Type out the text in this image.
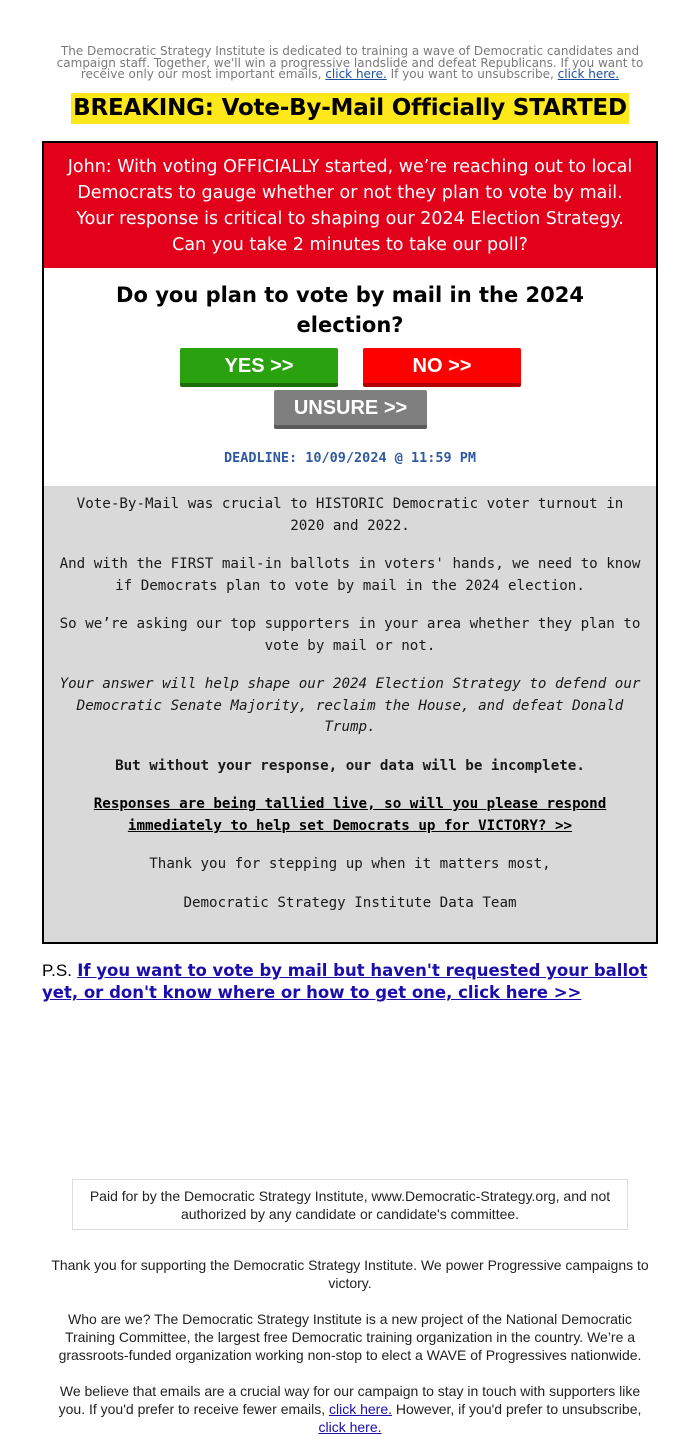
The Democratic Strategy Institute is dedicated to training a wave of Democratic candidates and campaign staff. Together, we'll win a progressive landslide and defeat Republicans. If you want to receive only our most important emails, click here. If you want to unsubscribe, click here.
BREAKING: Vote-By-Mail Officially STARTED
John: With voting OFFICIALLY started, we’re reaching out to local Democrats to gauge whether or not they plan to vote by mail. Your response is critical to shaping our 2024 Election Strategy. Can you take 2 minutes to take our poll?
Do you plan to vote by mail in the 2024 election?
YES >>	NO >>
UNSURE >>
DEADLINE: 10/09/2024 @ 11:59 PM

Vote-By-Mail was crucial to HISTORIC Democratic voter turnout in 2020 and 2022.

And with the FIRST mail-in ballots in voters' hands, we need to know if Democrats plan to vote by mail in the 2024 election.

So we’re asking our top supporters in your area whether they plan to vote by mail or not.

Your answer will help shape our 2024 Election Strategy to defend our Democratic Senate Majority, reclaim the House, and defeat Donald Trump.

But without your response, our data will be incomplete.

Responses are being tallied live, so will you please respond immediately to help set Democrats up for VICTORY? >>

Thank you for stepping up when it matters most,

Democratic Strategy Institute Data Team

P.S. If you want to vote by mail but haven't requested your ballot yet, or don't know where or how to get one, click here >>
Paid for by the Democratic Strategy Institute, www.Democratic-Strategy.org, and not authorized by any candidate or candidate's committee.

Thank you for supporting the Democratic Strategy Institute. We power Progressive campaigns to victory.

Who are we? The Democratic Strategy Institute is a new project of the National Democratic Training Committee, the largest free Democratic training organization in the country. We’re a grassroots-funded organization working non-stop to elect a WAVE of Progressives nationwide.

We believe that emails are a crucial way for our campaign to stay in touch with supporters like you. If you'd prefer to receive fewer emails, click here. However, if you'd prefer to unsubscribe, click here.
